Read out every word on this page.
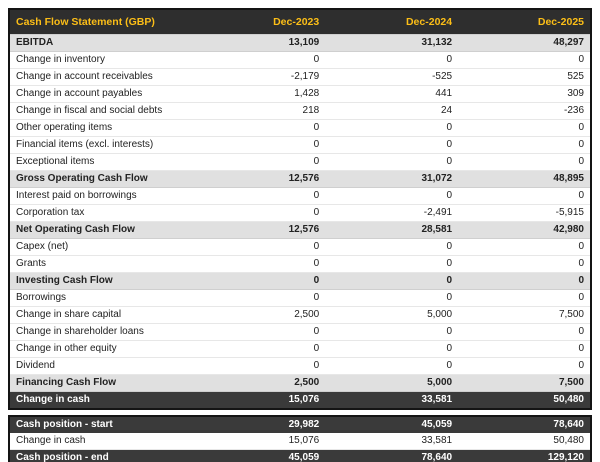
Cash Flow Statement (GBP)	Dec-2023	Dec-2024	Dec-2025
EBITDA	13,109	31,132	48,297
Change in inventory	0	0	0
Change in account receivables	-2,179	-525	525
Change in account payables	1,428	441	309
Change in fiscal and social debts	218	24	-236
Other operating items	0	0	0
Financial items (excl. interests)	0	0	0
Exceptional items	0	0	0
Gross Operating Cash Flow	12,576	31,072	48,895
Interest paid on borrowings	0	0	0
Corporation tax	0	-2,491	-5,915
Net Operating Cash Flow	12,576	28,581	42,980
Capex (net)	0	0	0
Grants	0	0	0
Investing Cash Flow	0	0	0
Borrowings	0	0	0
Change in share capital	2,500	5,000	7,500
Change in shareholder loans	0	0	0
Change in other equity	0	0	0
Dividend	0	0	0
Financing Cash Flow	2,500	5,000	7,500
Change in cash	15,076	33,581	50,480
Cash position - start	29,982	45,059	78,640
Change in cash	15,076	33,581	50,480
Cash position - end	45,059	78,640	129,120
